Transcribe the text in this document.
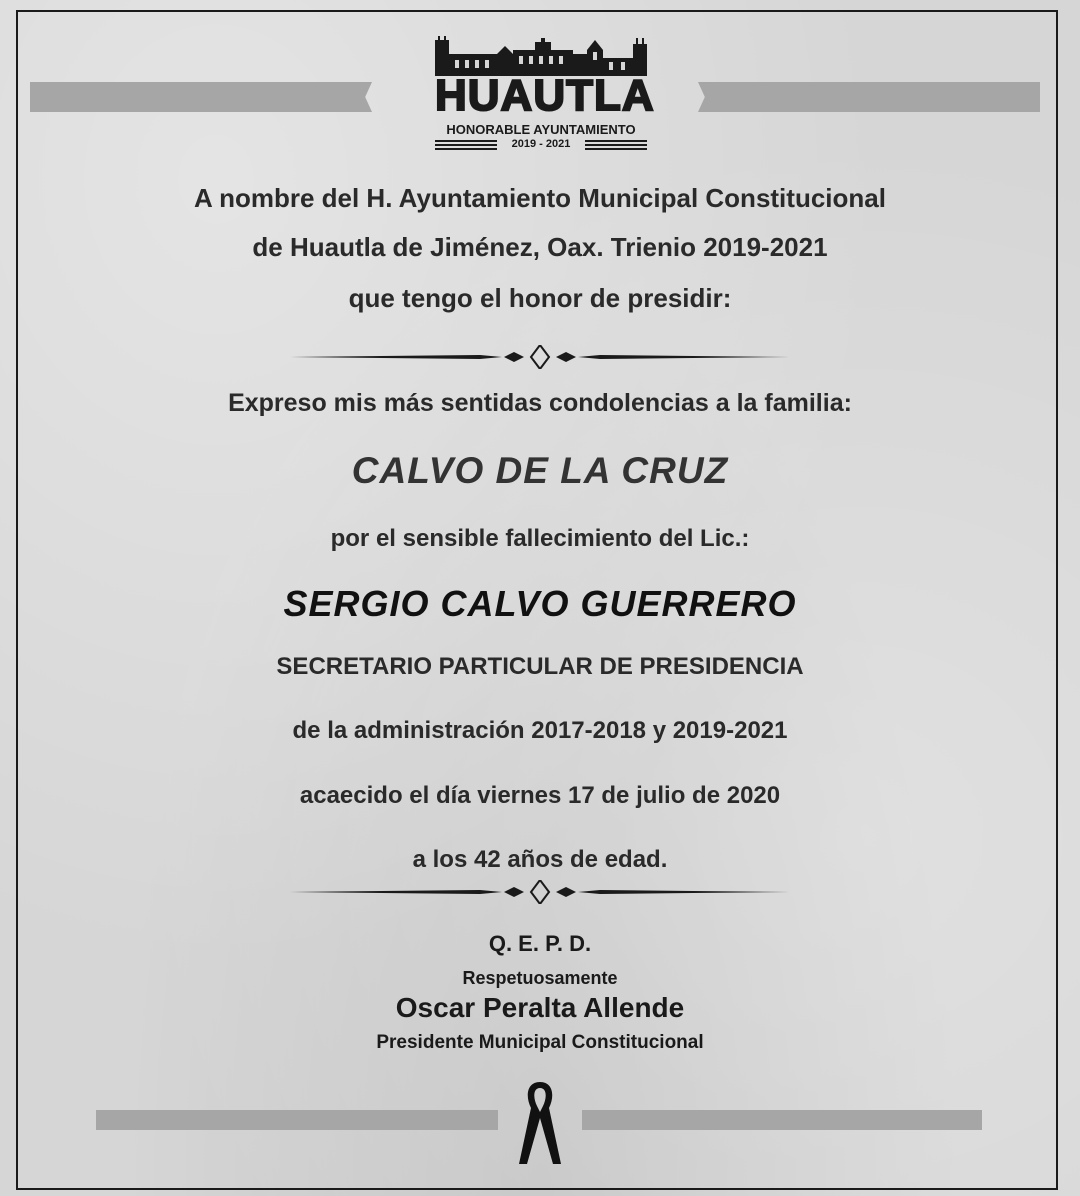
HUAUTLA
HONORABLE AYUNTAMIENTO
2019 - 2021
A nombre del H. Ayuntamiento Municipal Constitucional
de Huautla de Jiménez, Oax. Trienio 2019-2021
que tengo el honor de presidir:
Expreso mis más sentidas condolencias a la familia:
CALVO DE LA CRUZ
por el sensible fallecimiento del Lic.:
SERGIO CALVO GUERRERO
SECRETARIO PARTICULAR DE PRESIDENCIA
de la administración 2017-2018 y 2019-2021
acaecido el día viernes 17 de julio de 2020
a los 42 años de edad.
Q. E. P. D.
Respetuosamente
Oscar Peralta Allende
Presidente Municipal Constitucional
